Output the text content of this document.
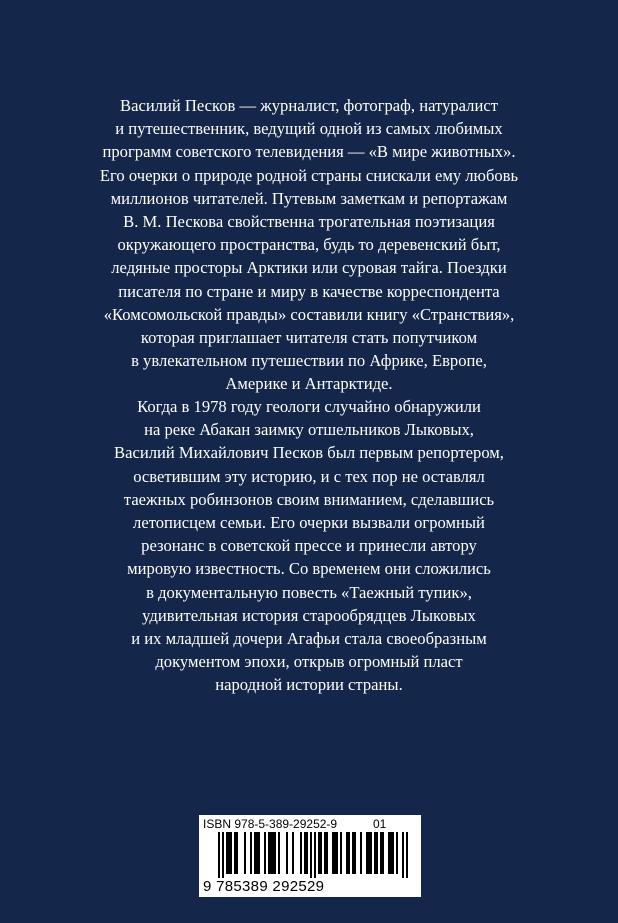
Василий Песков — журналист, фотограф, натуралист
и путешественник, ведущий одной из самых любимых
программ советского телевидения — «В мире животных».
Его очерки о природе родной страны снискали ему любовь
миллионов читателей. Путевым заметкам и репортажам
В. М. Пескова свойственна трогательная поэтизация
окружающего пространства, будь то деревенский быт,
ледяные просторы Арктики или суровая тайга. Поездки
писателя по стране и миру в качестве корреспондента
«Комсомольской правды» составили книгу «Странствия»,
которая приглашает читателя стать попутчиком
в увлекательном путешествии по Африке, Европе,
Америке и Антарктиде.
Когда в 1978 году геологи случайно обнаружили
на реке Абакан заимку отшельников Лыковых,
Василий Михайлович Песков был первым репортером,
осветившим эту историю, и с тех пор не оставлял
таежных робинзонов своим вниманием, сделавшись
летописцем семьи. Его очерки вызвали огромный
резонанс в советской прессе и принесли автору
мировую известность. Со временем они сложились
в документальную повесть «Таежный тупик»,
удивительная история старообрядцев Лыковых
и их младшей дочери Агафьи стала своеобразным
документом эпохи, открыв огромный пласт
народной истории страны.
ISBN 978-5-389-29252-9	01
9 785389 292529
